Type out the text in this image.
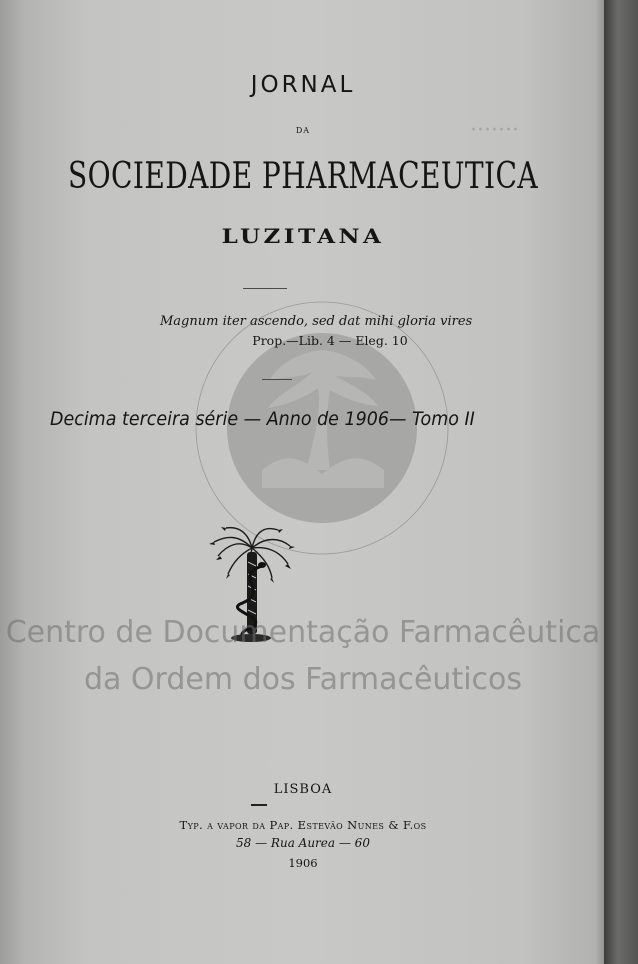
·······
JORNAL
DA
SOCIEDADE PHARMACEUTICA
LUZITANA
Magnum iter ascendo, sed dat mihi gloria vires
Prop.—Lib. 4 — Eleg. 10
Decima terceira série — Anno de 1906— Tomo II
Centro de Documentação Farmacêutica
da Ordem dos Farmacêuticos
LISBOA
Typ. a vapor da Pap. Estevão Nunes & F.os
58 — Rua Aurea — 60
1906
